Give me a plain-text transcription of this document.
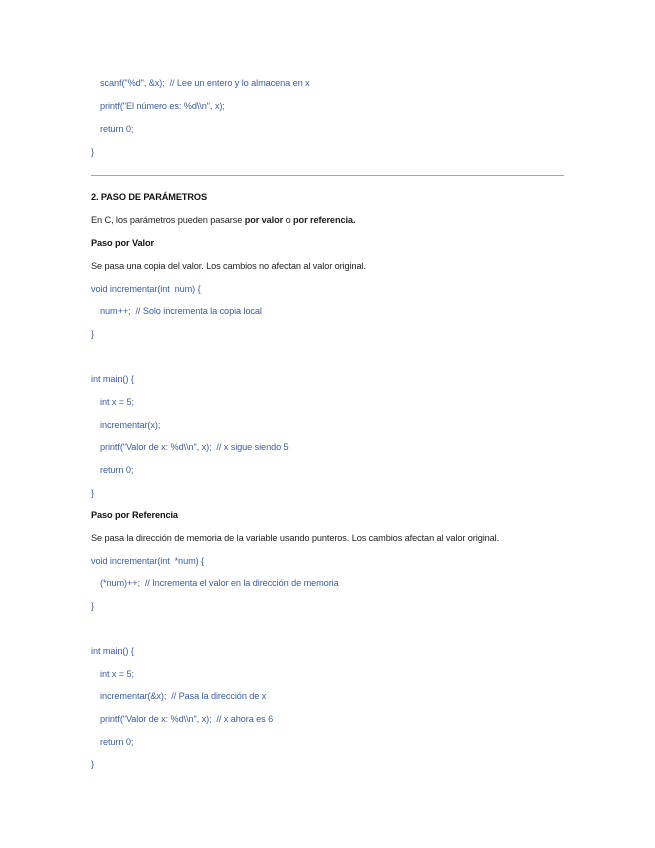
scanf("%d", &x);  // Lee un entero y lo almacena en x
printf("El número es: %d\\n", x);
return 0;
}
2. PASO DE PARÁMETROS
En C, los parámetros pueden pasarse por valor o por referencia.
Paso por Valor
Se pasa una copia del valor. Los cambios no afectan al valor original.
void incrementar(int  num) {
num++;  // Solo incrementa la copia local
}
int main() {
int x = 5;
incrementar(x);
printf("Valor de x: %d\\n", x);  // x sigue siendo 5
return 0;
}
Paso por Referencia
Se pasa la dirección de memoria de la variable usando punteros. Los cambios afectan al valor original.
void incrementar(int  *num) {
(*num)++;  // Incrementa el valor en la dirección de memoria
}
int main() {
int x = 5;
incrementar(&x);  // Pasa la dirección de x
printf("Valor de x: %d\\n", x);  // x ahora es 6
return 0;
}
